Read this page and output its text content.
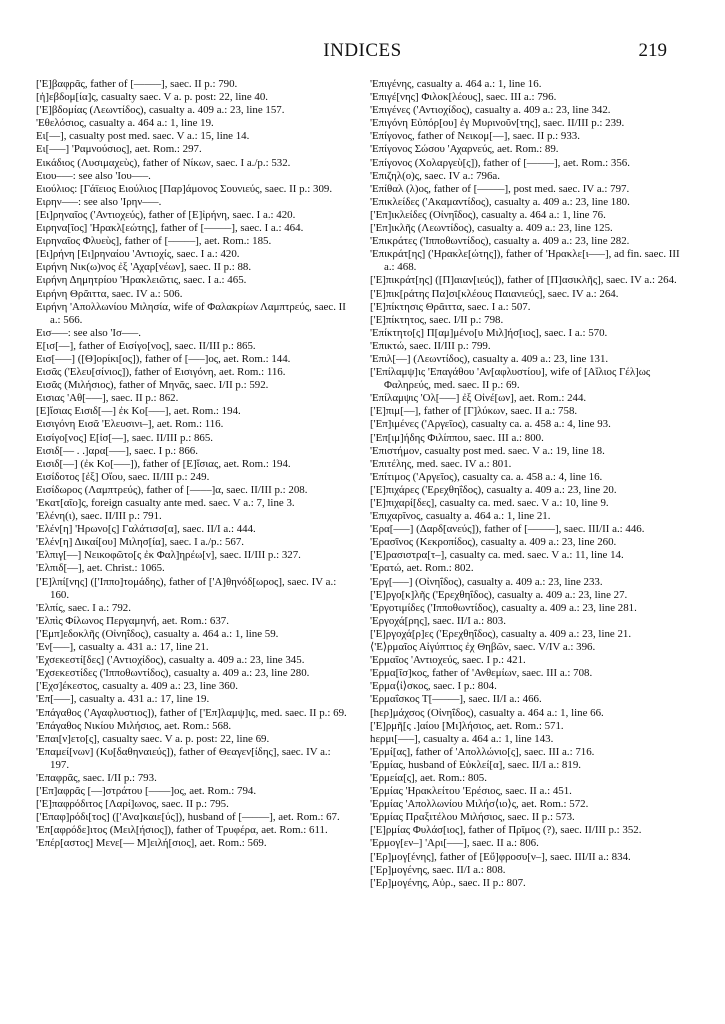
INDICES	219
['Ε]βαφρᾶς, father of [–––––], saec. II p.: 790.
[ἡ]εβδομ[ία]ς, casualty saec. V a. p. post: 22, line 40.
['Ε]βδομίας (Λεωντίδος), casualty a. 409 a.: 23, line 157.
'Εθελόσιος, casualty a. 464 a.: 1, line 19.
Ει[––], casualty post med. saec. V a.: 15, line 14.
Ει[–––] 'Ραμνούσιος], aet. Rom.: 297.
Εικάδιος (Λυσιμαχεὺς), father of Νίκων, saec. I a./p.: 532.
Ειου–––: see also 'Ιου–––.
Ειούλιος: [Γάϊειος Ειούλιος [Παρ]άμονος Σουνιεύς, saec. II p.: 309.
Ειρην–––: see also 'Ιρην–––.
[Ει]ρηναῖος ('Αντιοχεύς), father of [Ε]ἰρήνη, saec. I a.: 420.
Ειρηνα[ῖος] 'Ηρακλ[εώτης], father of [–––––], saec. I a.: 464.
Ειρηναῖος Φλυεὺς], father of [–––––], aet. Rom.: 185.
[Ει]ρήνη [Ει]ρηναίου 'Αντιοχίς, saec. I a.: 420.
Ειρήνη Νικ(ω)νος ἐξ 'Αχαρ[νέων], saec. II p.: 88.
Ειρήνη Δημητρίου 'Ηρακλειῶτις, saec. I a.: 465.
Ειρήνη Θρᾶιττα, saec. IV a.: 506.
Ειρήνη 'Απολλωνίου Μιλησία, wife of Φαλακρίων Λαμπτρεύς, saec. II a.: 566.
Εισ–––: see also 'Ισ–––.
Ε[ισ[––], father of Εισίγο[νος], saec. II/III p.: 865.
Εισ[–––] ([Θ]ορίκι[ος]), father of [–––]ος, aet. Rom.: 144.
Εισᾶς ('Ελευ[σίνιος]), father of Εισιγόνη, aet. Rom.: 116.
Εισᾶς (Μιλήσιος), father of Μηνᾶς, saec. I/II p.: 592.
Εισιας 'Αθ[–––], saec. II p.: 862.
[Ε]ἴσιας Εισιδ[––] ἐκ Κο[–––], aet. Rom.: 194.
Εισιγόνη Εισᾶ 'Ελευσινι–], aet. Rom.: 116.
Εισίγο[νος] Ε[ἰσ[––], saec. II/III p.: 865.
Εισιδ[–– . .]αρα[–––], saec. I p.: 866.
Εισιδ[––] (ἐκ Κο[–––]), father of [Ε]ἴσιας, aet. Rom.: 194.
Εισίδοτος [ἐξ] Οἴου, saec. II/III p.: 249.
Εισίδωρος (Λαμπτρεύς), father of [––––]α, saec. II/III p.: 208.
'Εκατ[αῖο]ς, foreign casualty ante med. saec. V a.: 7, line 3.
'Ελένη(ι), saec. II/III p.: 791.
'Ελέν[η] 'Ηρωνο[ς] Γαλάτισσ[α], saec. II/I a.: 444.
'Ελέν[η] Δικαί[ου] Μιλησ[ία], saec. I a./p.: 567.
'Ελπιγ[––] Νεικοφῶτο[ς ἐκ Φαλ]ηρέω[ν], saec. II/III p.: 327.
'Ελπιδ[––], aet. Christ.: 1065.
['Ε]λπί[νης] (['Ιππο]τομάδης), father of ['Α]θηνόδ[ωρος], saec. IV a.: 160.
'Ελπίς, saec. I a.: 792.
'Ελπὶς Φίλωνος Περγαμηνή, aet. Rom.: 637.
['Εμπ]εδοκλῆς (Οἰνηΐδος), casualty a. 464 a.: 1, line 59.
'Εν[–––], casualty a. 431 a.: 17, line 21.
'Εχσεκεστί[δες] ('Αντιοχίδος), casualty a. 409 a.: 23, line 345.
'Εχσεκεστίδες ('Ιπποθωντίδος), casualty a. 409 a.: 23, line 280.
['Εχσ]έκεστος, casualty a. 409 a.: 23, line 360.
'Επ[–––], casualty a. 431 a.: 17, line 19.
'Επάγαθος ('Αγαφλυστιος]), father of ['Επ]λαμψ]ις, med. saec. II p.: 69.
'Επάγαθος Νικίου Μιλήσιος, aet. Rom.: 568.
'Επαι[ν]ετο[ς], casualty saec. V a. p. post: 22, line 69.
'Επαμεί[νων] (Κυ[δαθηναιεύς]), father of Θεαγεν[ίδης], saec. IV a.: 197.
'Επαφρᾶς, saec. I/II p.: 793.
['Επ]αφρᾶς [––]στράτου [––––]ος, aet. Rom.: 794.
['Ε]παφρόδιτος [Λαρί]ωνος, saec. II p.: 795.
['Επαφ]ρόδι[τος] (['Ανα]καιε[ύς]), husband of [–––––], aet. Rom.: 67.
'Επ[αφρόδε]ιτος (Μειλ[ήσιος]), father of Τρυφέρα, aet. Rom.: 611.
'Επέρ[αστος] Μενε[–– Μ]ειλή[σιος], aet. Rom.: 569.
'Επιγένης, casualty a. 464 a.: 1, line 16.
'Επιγέ[νης] Φιλοκ[λέους], saec. III a.: 796.
'Επιγένες ('Αντιοχίδος), casualty a. 409 a.: 23, line 342.
'Επιγόνη Εὐπόρ[ου] ἐγ Μυρινοῦν[της], saec. II/III p.: 239.
'Επίγονος, father of Νεικομ[––], saec. II p.: 933.
'Επίγονος Σώσου 'Αχαρνεύς, aet. Rom.: 89.
'Επίγονος (Χολαργεὺ[ς]), father of [–––––], aet. Rom.: 356.
'Επιζηλ(ο)ς, saec. IV a.: 796a.
'Επίθαλ (λ)ος, father of [–––––], post med. saec. IV a.: 797.
'Επικλείδες ('Ακαμαντίδος), casualty a. 409 a.: 23, line 180.
['Επ]ικλείδες (Οἰνηΐδος), casualty a. 464 a.: 1, line 76.
['Επ]ικλῆς (Λεωντίδος), casualty a. 409 a.: 23, line 125.
'Επικράτες ('Ιπποθωντίδος), casualty a. 409 a.: 23, line 282.
'Επικράτ[ης] ('Ηρακλε[ώτης]), father of 'Ηρακλε[ι–––], ad fin. saec. III a.: 468.
['Ε]πικράτ[ης] ([Π]αιαν[ιεύς]), father of [Π]ασικλῆς], saec. IV a.: 264.
['Ε]πικ[ράτης Πα]σι[κλέους Παιανιεύς], saec. IV a.: 264.
['Ε]πίκτησις Θρᾶιττα, saec. I a.: 507.
['Ε]πίκτητος, saec. I/II p.: 798.
'Επίκτητο[ς] Π[αμ]μένο[υ Μιλ]ήσ[ιος], saec. I a.: 570.
'Επικτώ, saec. II/III p.: 799.
'Επιλ[––] (Λεωντίδος), casualty a. 409 a.: 23, line 131.
['Επίλαμψ]ις 'Επαγάθου 'Αν[αφλυστίου], wife of [Αἴλιος Γέλ]ως Φαληρεύς, med. saec. II p.: 69.
'Επίλαμψις 'Ολ[–––] ἐξ Οἰνέ[ων], aet. Rom.: 244.
['Ε]πιμ[––], father of [Γ]λύκων, saec. II a.: 758.
['Επ]ιμένες ('Αργεῖος), casualty ca. a. 458 a.: 4, line 93.
['Επ[ιμ]ήδης Φιλίππου, saec. III a.: 800.
'Επιστήμον, casualty post med. saec. V a.: 19, line 18.
'Επιτέλης, med. saec. IV a.: 801.
'Επίτιμος ('Αργεῖος), casualty ca. a. 458 a.: 4, line 16.
['Ε]πιχάρες ('Ερεχθηΐδος), casualty a. 409 a.: 23, line 20.
['Ε]πιχαρί[δες], casualty ca. med. saec. V a.: 10, line 9.
'Επιχαρῖνος, casualty a. 464 a.: 1, line 21.
'Ερα[–––] (Δαρδ[ανεύς]), father of [–––––], saec. III/II a.: 446.
'Ερασῖνος (Κεκροπίδος), casualty a. 409 a.: 23, line 260.
['Ε]ρασιστρα[τ–], casualty ca. med. saec. V a.: 11, line 14.
'Ερατώ, aet. Rom.: 802.
'Εργ[–––] (Οἰνηΐδος), casualty a. 409 a.: 23, line 233.
['Ε]ργο[κ]λῆς ('Ερεχθηΐδος), casualty a. 409 a.: 23, line 27.
'Εργοτιμίδες ('Ιπποθωντίδος), casualty a. 409 a.: 23, line 281.
'Εργοχά[ρης], saec. II/I a.: 803.
['Ε]ργοχά[ρ]ες ('Ερεχθηΐδος), casualty a. 409 a.: 23, line 21.
⟨'Ε⟩ρμαῖος Αἰγύπτιος ἐχ Θηβῶν, saec. V/IV a.: 396.
'Ερμαῖος 'Αντιοχεύς, saec. I p.: 421.
'Ερμα[ῖσ]κος, father of 'Ανθεμίων, saec. III a.: 708.
'Ερμα⟨ἰ⟩σκος, saec. I p.: 804.
'Ερμαΐσκος Τ[–––––], saec. II/I a.: 466.
[hερ]μάχσος (Οἰνηΐδος), casualty a. 464 a.: 1, line 66.
['Ε]ρμῆ[ς .]αίου [Μι]λήσιος, aet. Rom.: 571.
hερμι[–––], casualty a. 464 a.: 1, line 143.
'Ερμί[ας], father of 'Απολλώνιο[ς], saec. III a.: 716.
'Ερμίας, husband of Εὐκλεί[α], saec. II/I a.: 819.
'Ερμεία[ς], aet. Rom.: 805.
'Ερμίας 'Ηρακλείτου 'Ερέσιος, saec. II a.: 451.
'Ερμίας 'Απολλωνίου Μιλήσ⟨ιο⟩ς, aet. Rom.: 572.
'Ερμίας Πραξιτέλου Μιλήσιος, saec. II p.: 573.
['Ε]ρμίας Φυλάσ[ιος], father of Πρῖμος (?), saec. II/III p.: 352.
'Ερμογ[εν–] 'Αρι[–––], saec. II a.: 806.
['Ερ]μογ[ένης], father of [Εὔ]φροσυ[ν–], saec. III/II a.: 834.
['Ερ]μογένης, saec. II/I a.: 808.
['Ερ]μογένης, Αὐρ., saec. II p.: 807.
